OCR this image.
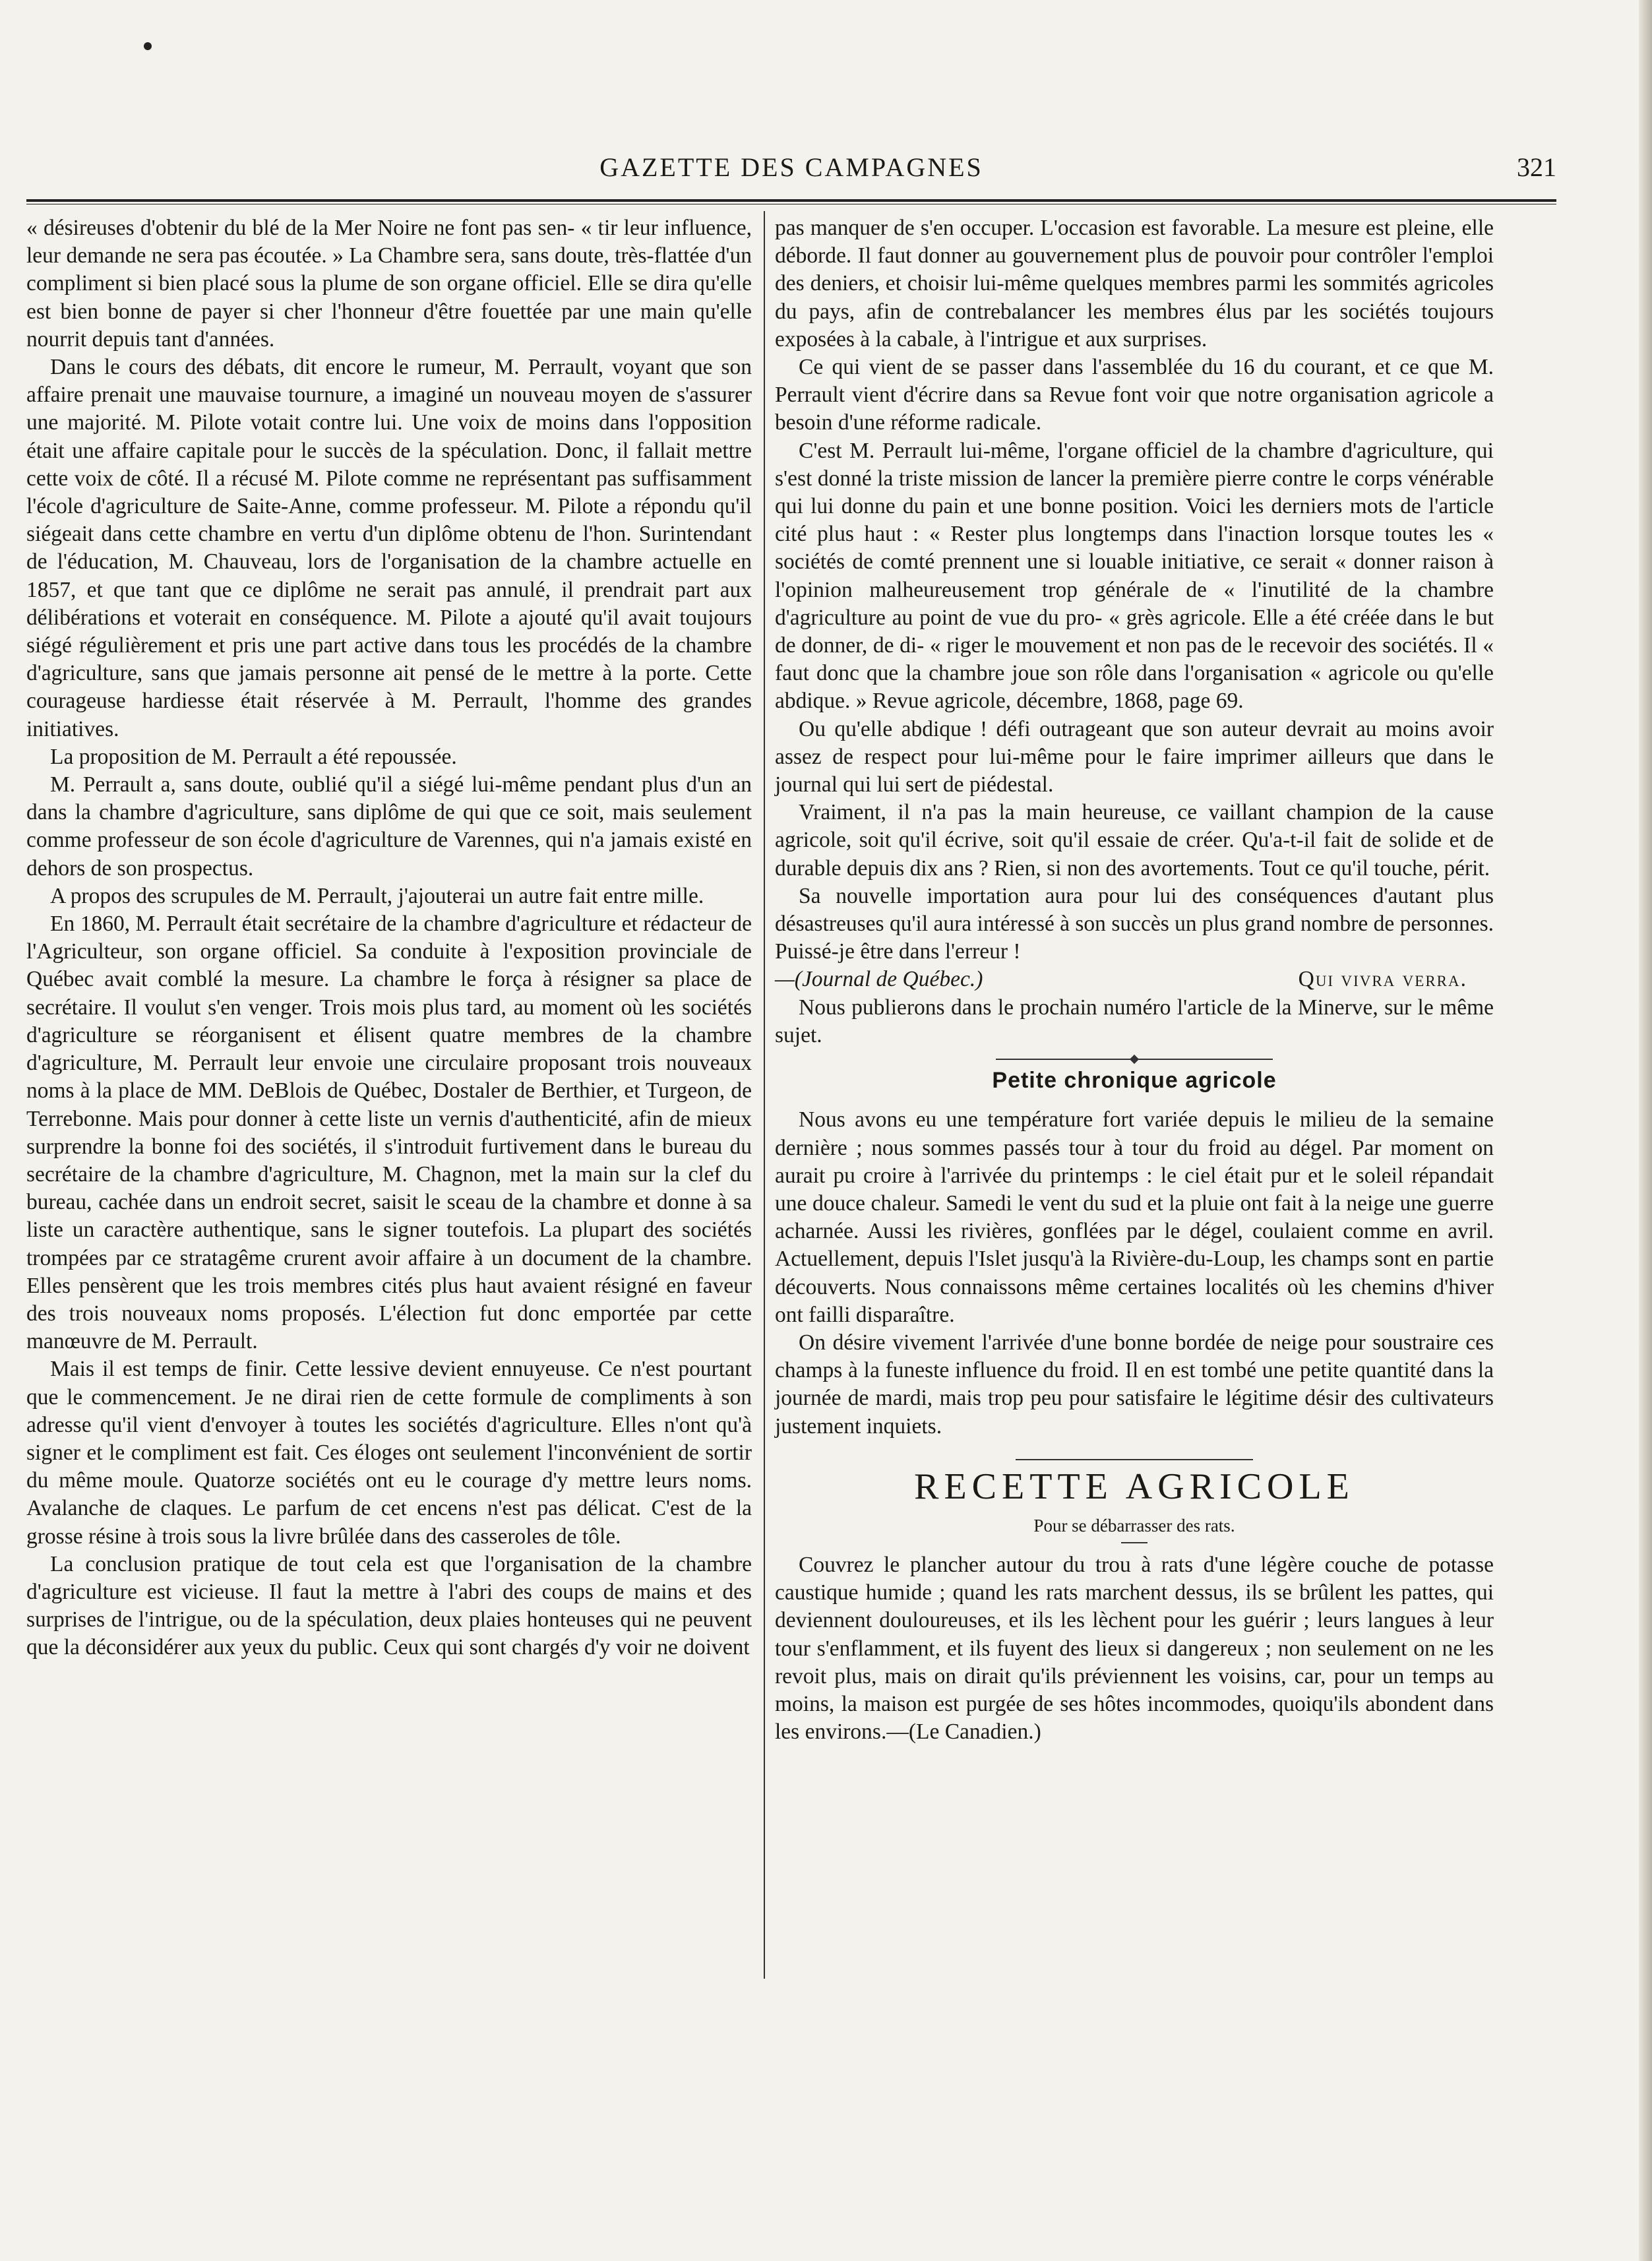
GAZETTE DES CAMPAGNES	321

« désireuses d'obtenir du blé de la Mer Noire ne font pas sen- « tir leur influence, leur demande ne sera pas écoutée. » La Chambre sera, sans doute, très-flattée d'un compliment si bien placé sous la plume de son organe officiel. Elle se dira qu'elle est bien bonne de payer si cher l'honneur d'être fouettée par une main qu'elle nourrit depuis tant d'années.

Dans le cours des débats, dit encore le rumeur, M. Perrault, voyant que son affaire prenait une mauvaise tournure, a imaginé un nouveau moyen de s'assurer une majorité. M. Pilote votait contre lui. Une voix de moins dans l'opposition était une affaire capitale pour le succès de la spéculation. Donc, il fallait mettre cette voix de côté. Il a récusé M. Pilote comme ne représentant pas suffisamment l'école d'agriculture de Saite-Anne, comme professeur. M. Pilote a répondu qu'il siégeait dans cette chambre en vertu d'un diplôme obtenu de l'hon. Surintendant de l'éducation, M. Chauveau, lors de l'organisation de la chambre actuelle en 1857, et que tant que ce diplôme ne serait pas annulé, il prendrait part aux délibérations et voterait en conséquence. M. Pilote a ajouté qu'il avait toujours siégé régulièrement et pris une part active dans tous les procédés de la chambre d'agriculture, sans que jamais personne ait pensé de le mettre à la porte. Cette courageuse hardiesse était réservée à M. Perrault, l'homme des grandes initiatives.

La proposition de M. Perrault a été repoussée.

M. Perrault a, sans doute, oublié qu'il a siégé lui-même pendant plus d'un an dans la chambre d'agriculture, sans diplôme de qui que ce soit, mais seulement comme professeur de son école d'agriculture de Varennes, qui n'a jamais existé en dehors de son prospectus.

A propos des scrupules de M. Perrault, j'ajouterai un autre fait entre mille.

En 1860, M. Perrault était secrétaire de la chambre d'agriculture et rédacteur de l'Agriculteur, son organe officiel. Sa conduite à l'exposition provinciale de Québec avait comblé la mesure. La chambre le força à résigner sa place de secrétaire. Il voulut s'en venger. Trois mois plus tard, au moment où les sociétés d'agriculture se réorganisent et élisent quatre membres de la chambre d'agriculture, M. Perrault leur envoie une circulaire proposant trois nouveaux noms à la place de MM. DeBlois de Québec, Dostaler de Berthier, et Turgeon, de Terrebonne. Mais pour donner à cette liste un vernis d'authenticité, afin de mieux surprendre la bonne foi des sociétés, il s'introduit furtivement dans le bureau du secrétaire de la chambre d'agriculture, M. Chagnon, met la main sur la clef du bureau, cachée dans un endroit secret, saisit le sceau de la chambre et donne à sa liste un caractère authentique, sans le signer toutefois. La plupart des sociétés trompées par ce stratagême crurent avoir affaire à un document de la chambre. Elles pensèrent que les trois membres cités plus haut avaient résigné en faveur des trois nouveaux noms proposés. L'élection fut donc emportée par cette manœuvre de M. Perrault.

Mais il est temps de finir. Cette lessive devient ennuyeuse. Ce n'est pourtant que le commencement. Je ne dirai rien de cette formule de compliments à son adresse qu'il vient d'envoyer à toutes les sociétés d'agriculture. Elles n'ont qu'à signer et le compliment est fait. Ces éloges ont seulement l'inconvénient de sortir du même moule. Quatorze sociétés ont eu le courage d'y mettre leurs noms. Avalanche de claques. Le parfum de cet encens n'est pas délicat. C'est de la grosse résine à trois sous la livre brûlée dans des casseroles de tôle.

La conclusion pratique de tout cela est que l'organisation de la chambre d'agriculture est vicieuse. Il faut la mettre à l'abri des coups de mains et des surprises de l'intrigue, ou de la spéculation, deux plaies honteuses qui ne peuvent que la déconsidérer aux yeux du public. Ceux qui sont chargés d'y voir ne doivent

pas manquer de s'en occuper. L'occasion est favorable. La mesure est pleine, elle déborde. Il faut donner au gouvernement plus de pouvoir pour contrôler l'emploi des deniers, et choisir lui-même quelques membres parmi les sommités agricoles du pays, afin de contrebalancer les membres élus par les sociétés toujours exposées à la cabale, à l'intrigue et aux surprises.

Ce qui vient de se passer dans l'assemblée du 16 du courant, et ce que M. Perrault vient d'écrire dans sa Revue font voir que notre organisation agricole a besoin d'une réforme radicale.

C'est M. Perrault lui-même, l'organe officiel de la chambre d'agriculture, qui s'est donné la triste mission de lancer la première pierre contre le corps vénérable qui lui donne du pain et une bonne position. Voici les derniers mots de l'article cité plus haut : « Rester plus longtemps dans l'inaction lorsque toutes les « sociétés de comté prennent une si louable initiative, ce serait « donner raison à l'opinion malheureusement trop générale de « l'inutilité de la chambre d'agriculture au point de vue du pro- « grès agricole. Elle a été créée dans le but de donner, de di- « riger le mouvement et non pas de le recevoir des sociétés. Il « faut donc que la chambre joue son rôle dans l'organisation « agricole ou qu'elle abdique. » Revue agricole, décembre, 1868, page 69.

Ou qu'elle abdique ! défi outrageant que son auteur devrait au moins avoir assez de respect pour lui-même pour le faire imprimer ailleurs que dans le journal qui lui sert de piédestal.

Vraiment, il n'a pas la main heureuse, ce vaillant champion de la cause agricole, soit qu'il écrive, soit qu'il essaie de créer. Qu'a-t-il fait de solide et de durable depuis dix ans ? Rien, si non des avortements. Tout ce qu'il touche, périt.

Sa nouvelle importation aura pour lui des conséquences d'autant plus désastreuses qu'il aura intéressé à son succès un plus grand nombre de personnes. Puissé-je être dans l'erreur !

—(Journal de Québec.)	Qui vivra verra.

Nous publierons dans le prochain numéro l'article de la Minerve, sur le même sujet.

Petite chronique agricole

Nous avons eu une température fort variée depuis le milieu de la semaine dernière ; nous sommes passés tour à tour du froid au dégel. Par moment on aurait pu croire à l'arrivée du printemps : le ciel était pur et le soleil répandait une douce chaleur. Samedi le vent du sud et la pluie ont fait à la neige une guerre acharnée. Aussi les rivières, gonflées par le dégel, coulaient comme en avril. Actuellement, depuis l'Islet jusqu'à la Rivière-du-Loup, les champs sont en partie découverts. Nous connaissons même certaines localités où les chemins d'hiver ont failli disparaître.

On désire vivement l'arrivée d'une bonne bordée de neige pour soustraire ces champs à la funeste influence du froid. Il en est tombé une petite quantité dans la journée de mardi, mais trop peu pour satisfaire le légitime désir des cultivateurs justement inquiets.

RECETTE AGRICOLE
Pour se débarrasser des rats.

Couvrez le plancher autour du trou à rats d'une légère couche de potasse caustique humide ; quand les rats marchent dessus, ils se brûlent les pattes, qui deviennent douloureuses, et ils les lèchent pour les guérir ; leurs langues à leur tour s'enflamment, et ils fuyent des lieux si dangereux ; non seulement on ne les revoit plus, mais on dirait qu'ils préviennent les voisins, car, pour un temps au moins, la maison est purgée de ses hôtes incommodes, quoiqu'ils abondent dans les environs.—(Le Canadien.)
